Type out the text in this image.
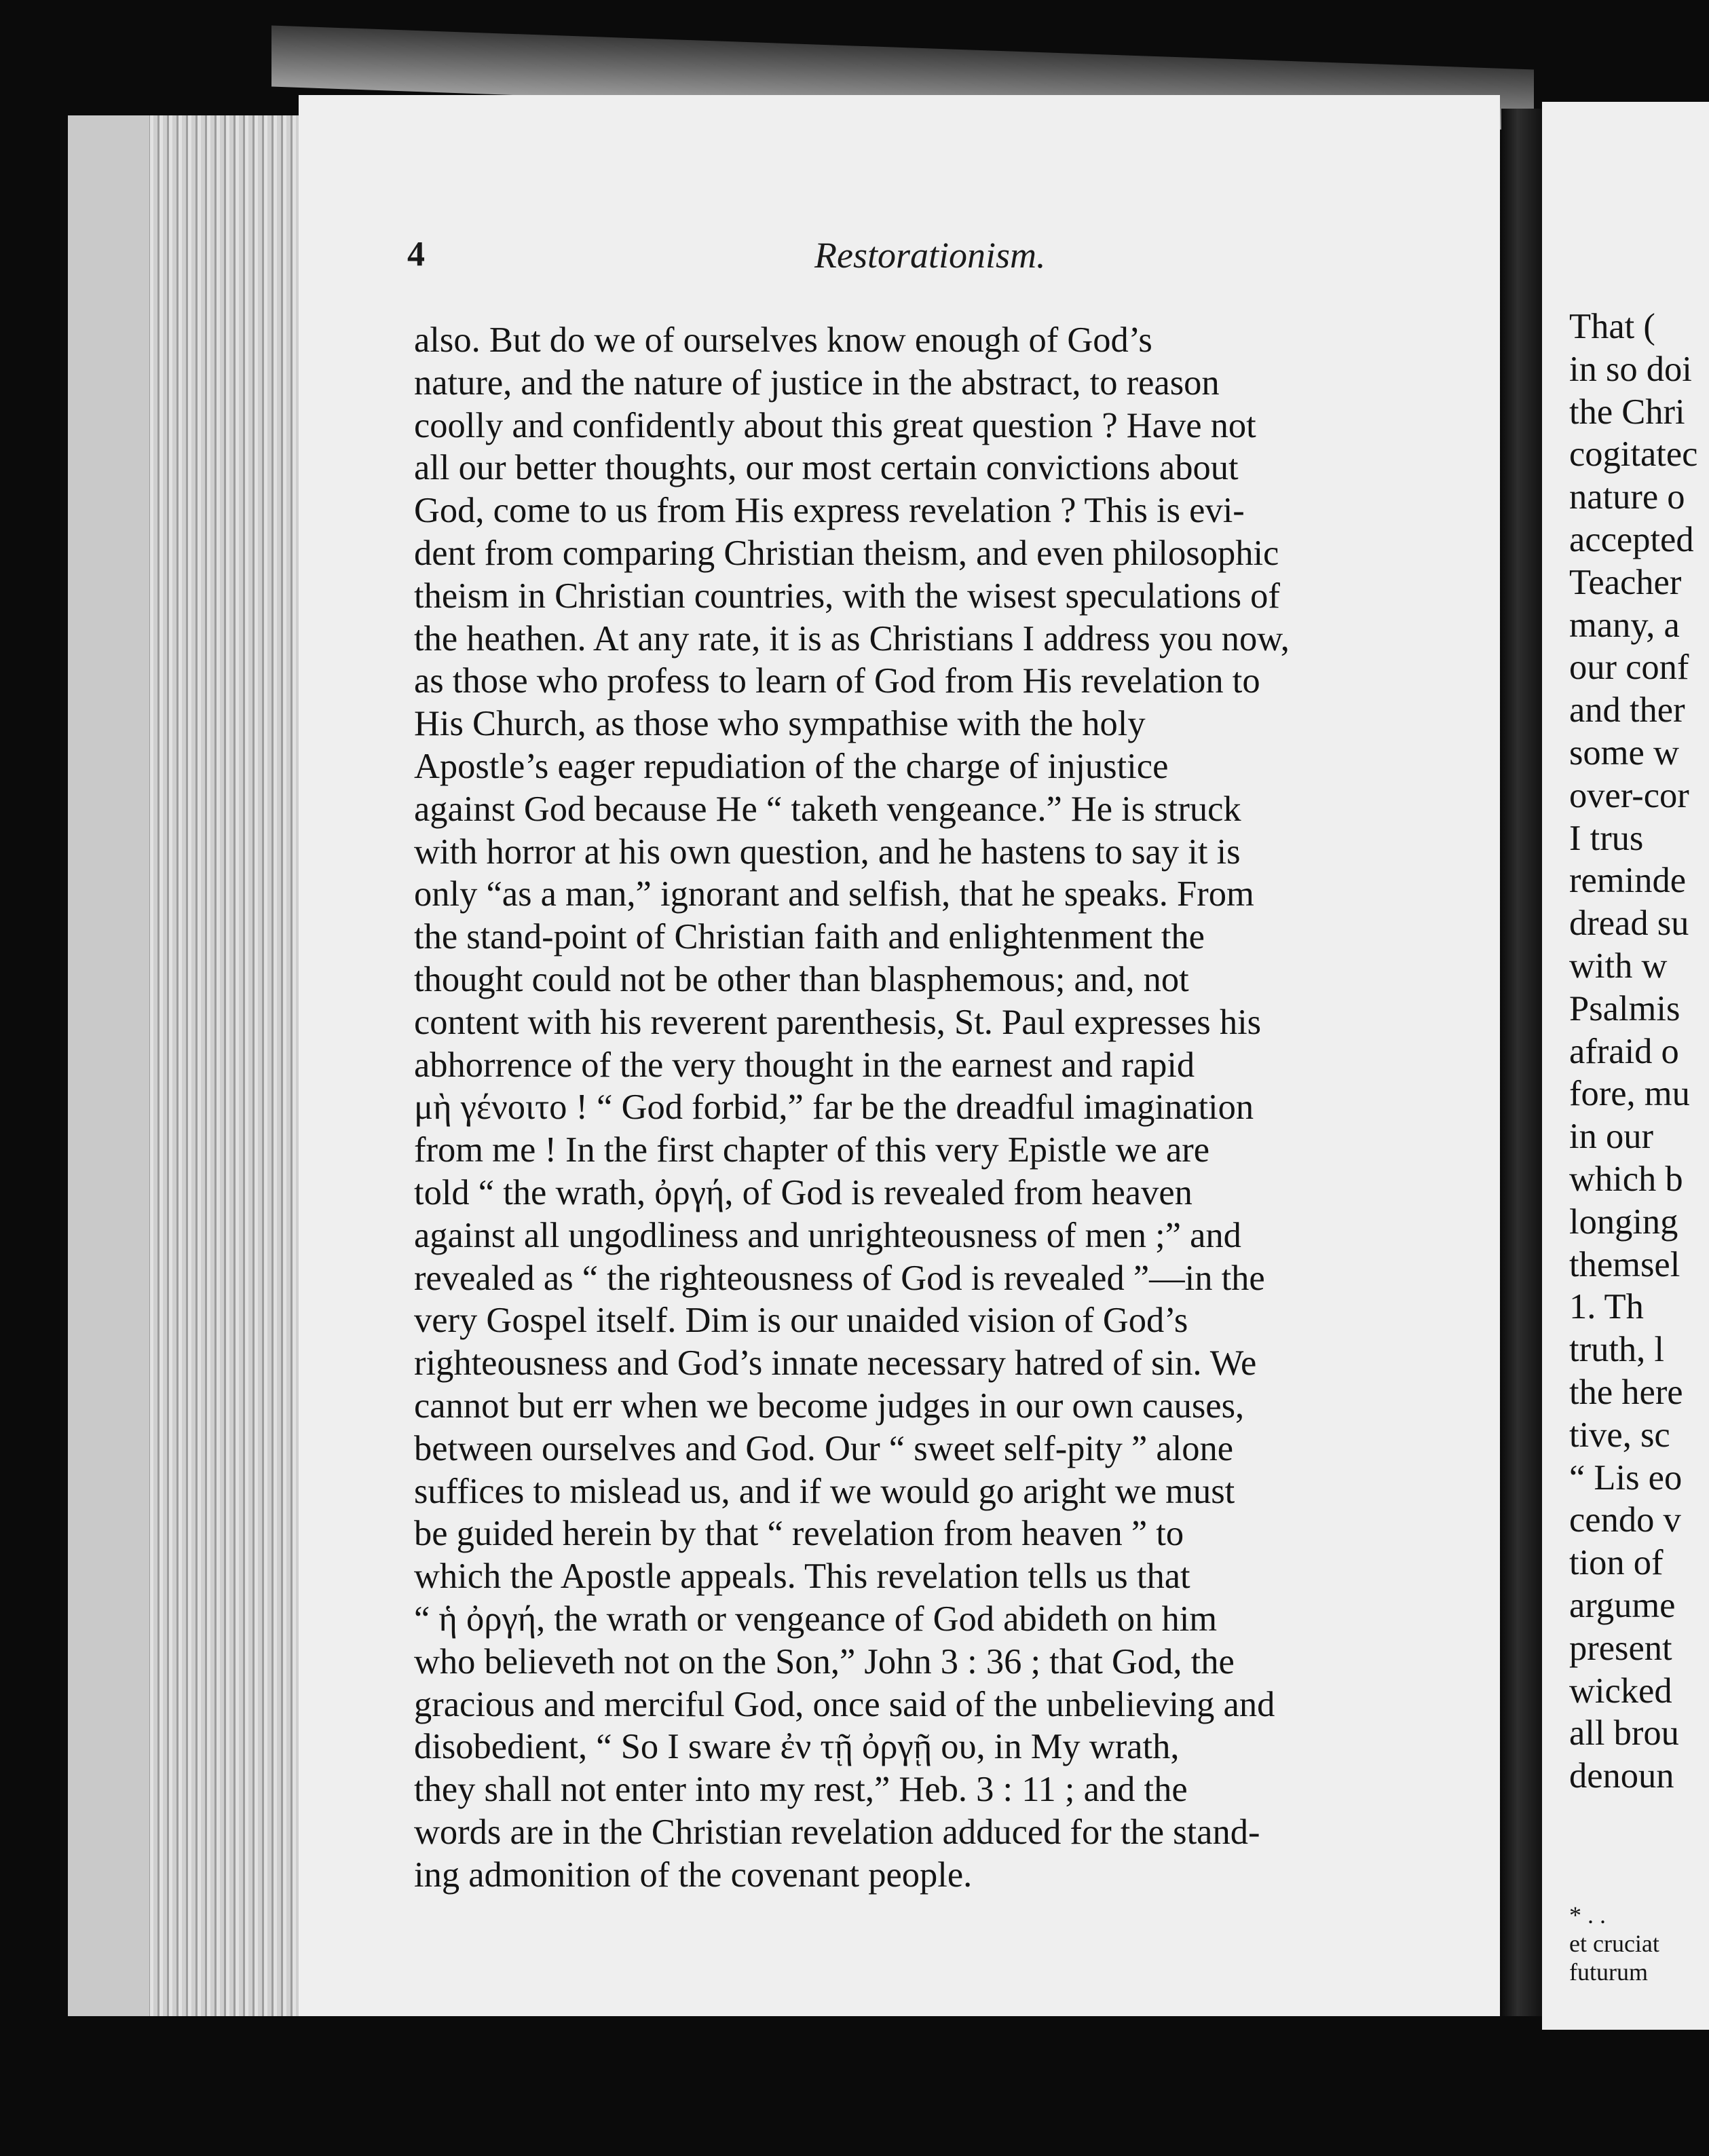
4	Restorationism.
also. But do we of ourselves know enough of God’s
nature, and the nature of justice in the abstract, to reason
coolly and confidently about this great question ? Have not
all our better thoughts, our most certain convictions about
God, come to us from His express revelation ? This is evi-
dent from comparing Christian theism, and even philosophic
theism in Christian countries, with the wisest speculations of
the heathen. At any rate, it is as Christians I address you now,
as those who profess to learn of God from His revelation to
His Church, as those who sympathise with the holy
Apostle’s eager repudiation of the charge of injustice
against God because He “ taketh vengeance.” He is struck
with horror at his own question, and he hastens to say it is
only “as a man,” ignorant and selfish, that he speaks. From
the stand-point of Christian faith and enlightenment the
thought could not be other than blasphemous; and, not
content with his reverent parenthesis, St. Paul expresses his
abhorrence of the very thought in the earnest and rapid
μὴ γένοιτο ! “ God forbid,” far be the dreadful imagination
from me ! In the first chapter of this very Epistle we are
told “ the wrath, ὀργή, of God is revealed from heaven
against all ungodliness and unrighteousness of men ;” and
revealed as “ the righteousness of God is revealed ”—in the
very Gospel itself. Dim is our unaided vision of God’s
righteousness and God’s innate necessary hatred of sin. We
cannot but err when we become judges in our own causes,
between ourselves and God. Our “ sweet self-pity ” alone
suffices to mislead us, and if we would go aright we must
be guided herein by that “ revelation from heaven ” to
which the Apostle appeals. This revelation tells us that
“ ἡ ὀργή, the wrath or vengeance of God abideth on him
who believeth not on the Son,” John 3 : 36 ; that God, the
gracious and merciful God, once said of the unbelieving and
disobedient, “ So I sware ἐν τῇ ὀργῇ ου, in My wrath,
they shall not enter into my rest,” Heb. 3 : 11 ; and the
words are in the Christian revelation adduced for the stand-
ing admonition of the covenant people.
That (
in so doi
the Chri
cogitatec
nature o
accepted
Teacher
many, a
our conf
and ther
some w
over-cor
I trus
reminde
dread su
with w
Psalmis
afraid o
fore, mu
in our
which b
longing
themsel
1. Th
truth, l
the here
tive, sc
“ Lis eo
cendo v
tion of
argume
present
wicked
all brou
denoun
* . .
et cruciat
futurum
